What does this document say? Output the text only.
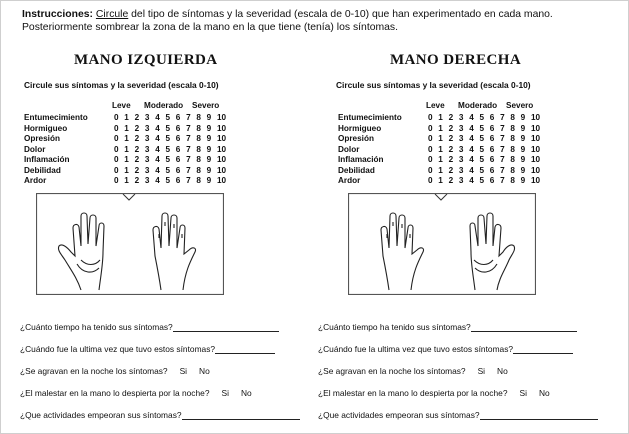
Instrucciones: Circule del tipo de síntomas y la severidad (escala de 0-10) que han experimentado en cada mano.
Posteriormente sombrear la zona de la mano en la que tiene (tenía) los síntomas.
MANO IZQUIERDA
Circule sus síntomas y la severidad (escala 0-10)
Leve Moderado Severo
Entumecimiento	0	1	2	3	4	5	6	7	8	9	10
Hormigueo	0	1	2	3	4	5	6	7	8	9	10
Opresión	0	1	2	3	4	5	6	7	8	9	10
Dolor	0	1	2	3	4	5	6	7	8	9	10
Inflamación	0	1	2	3	4	5	6	7	8	9	10
Debilidad	0	1	2	3	4	5	6	7	8	9	10
Ardor	0	1	2	3	4	5	6	7	8	9	10
¿Cuánto tiempo ha tenido sus síntomas?
¿Cuándo fue la ultima vez que tuvo estos síntomas?
¿Se agravan en la noche los síntomas? Si No
¿El malestar en la mano lo despierta por la noche? Si No
¿Que actividades empeoran sus síntomas?
MANO DERECHA
Circule sus síntomas y la severidad (escala 0-10)
Leve Moderado Severo
Entumecimiento	0	1	2	3	4	5	6	7	8	9	10
Hormigueo	0	1	2	3	4	5	6	7	8	9	10
Opresión	0	1	2	3	4	5	6	7	8	9	10
Dolor	0	1	2	3	4	5	6	7	8	9	10
Inflamación	0	1	2	3	4	5	6	7	8	9	10
Debilidad	0	1	2	3	4	5	6	7	8	9	10
Ardor	0	1	2	3	4	5	6	7	8	9	10
¿Cuánto tiempo ha tenido sus síntomas?
¿Cuándo fue la ultima vez que tuvo estos síntomas?
¿Se agravan en la noche los síntomas? Si No
¿El malestar en la mano lo despierta por la noche? Si No
¿Que actividades empeoran sus síntomas?
